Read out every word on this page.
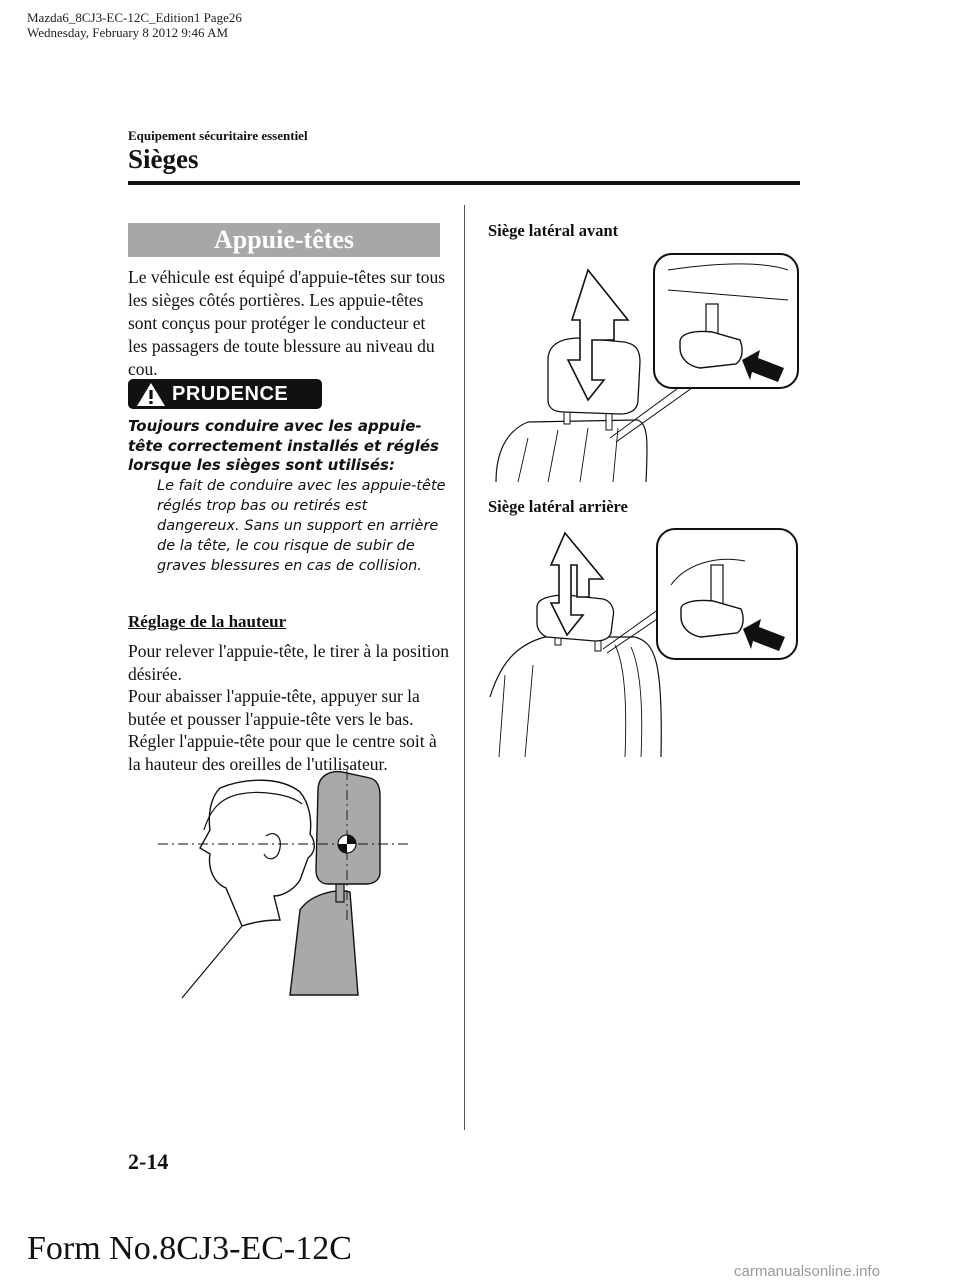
Mazda6_8CJ3-EC-12C_Edition1 Page26
Wednesday, February 8 2012 9:46 AM
Equipement sécuritaire essentiel
Sièges
Appuie-têtes
Le véhicule est équipé d'appuie-têtes sur tous les sièges côtés portières. Les appuie-têtes sont conçus pour protéger le conducteur et les passagers de toute blessure au niveau du cou.
PRUDENCE
Toujours conduire avec les appuie-tête correctement installés et réglés lorsque les sièges sont utilisés:
Le fait de conduire avec les appuie-tête réglés trop bas ou retirés est dangereux. Sans un support en arrière de la tête, le cou risque de subir de graves blessures en cas de collision.
Réglage de la hauteur
Pour relever l'appuie-tête, le tirer à la position désirée.
Pour abaisser l'appuie-tête, appuyer sur la butée et pousser l'appuie-tête vers le bas.
Régler l'appuie-tête pour que le centre soit à la hauteur des oreilles de l'utilisateur.
Siège latéral avant
Siège latéral arrière
2-14
Form No.8CJ3-EC-12C
carmanualsonline.info
